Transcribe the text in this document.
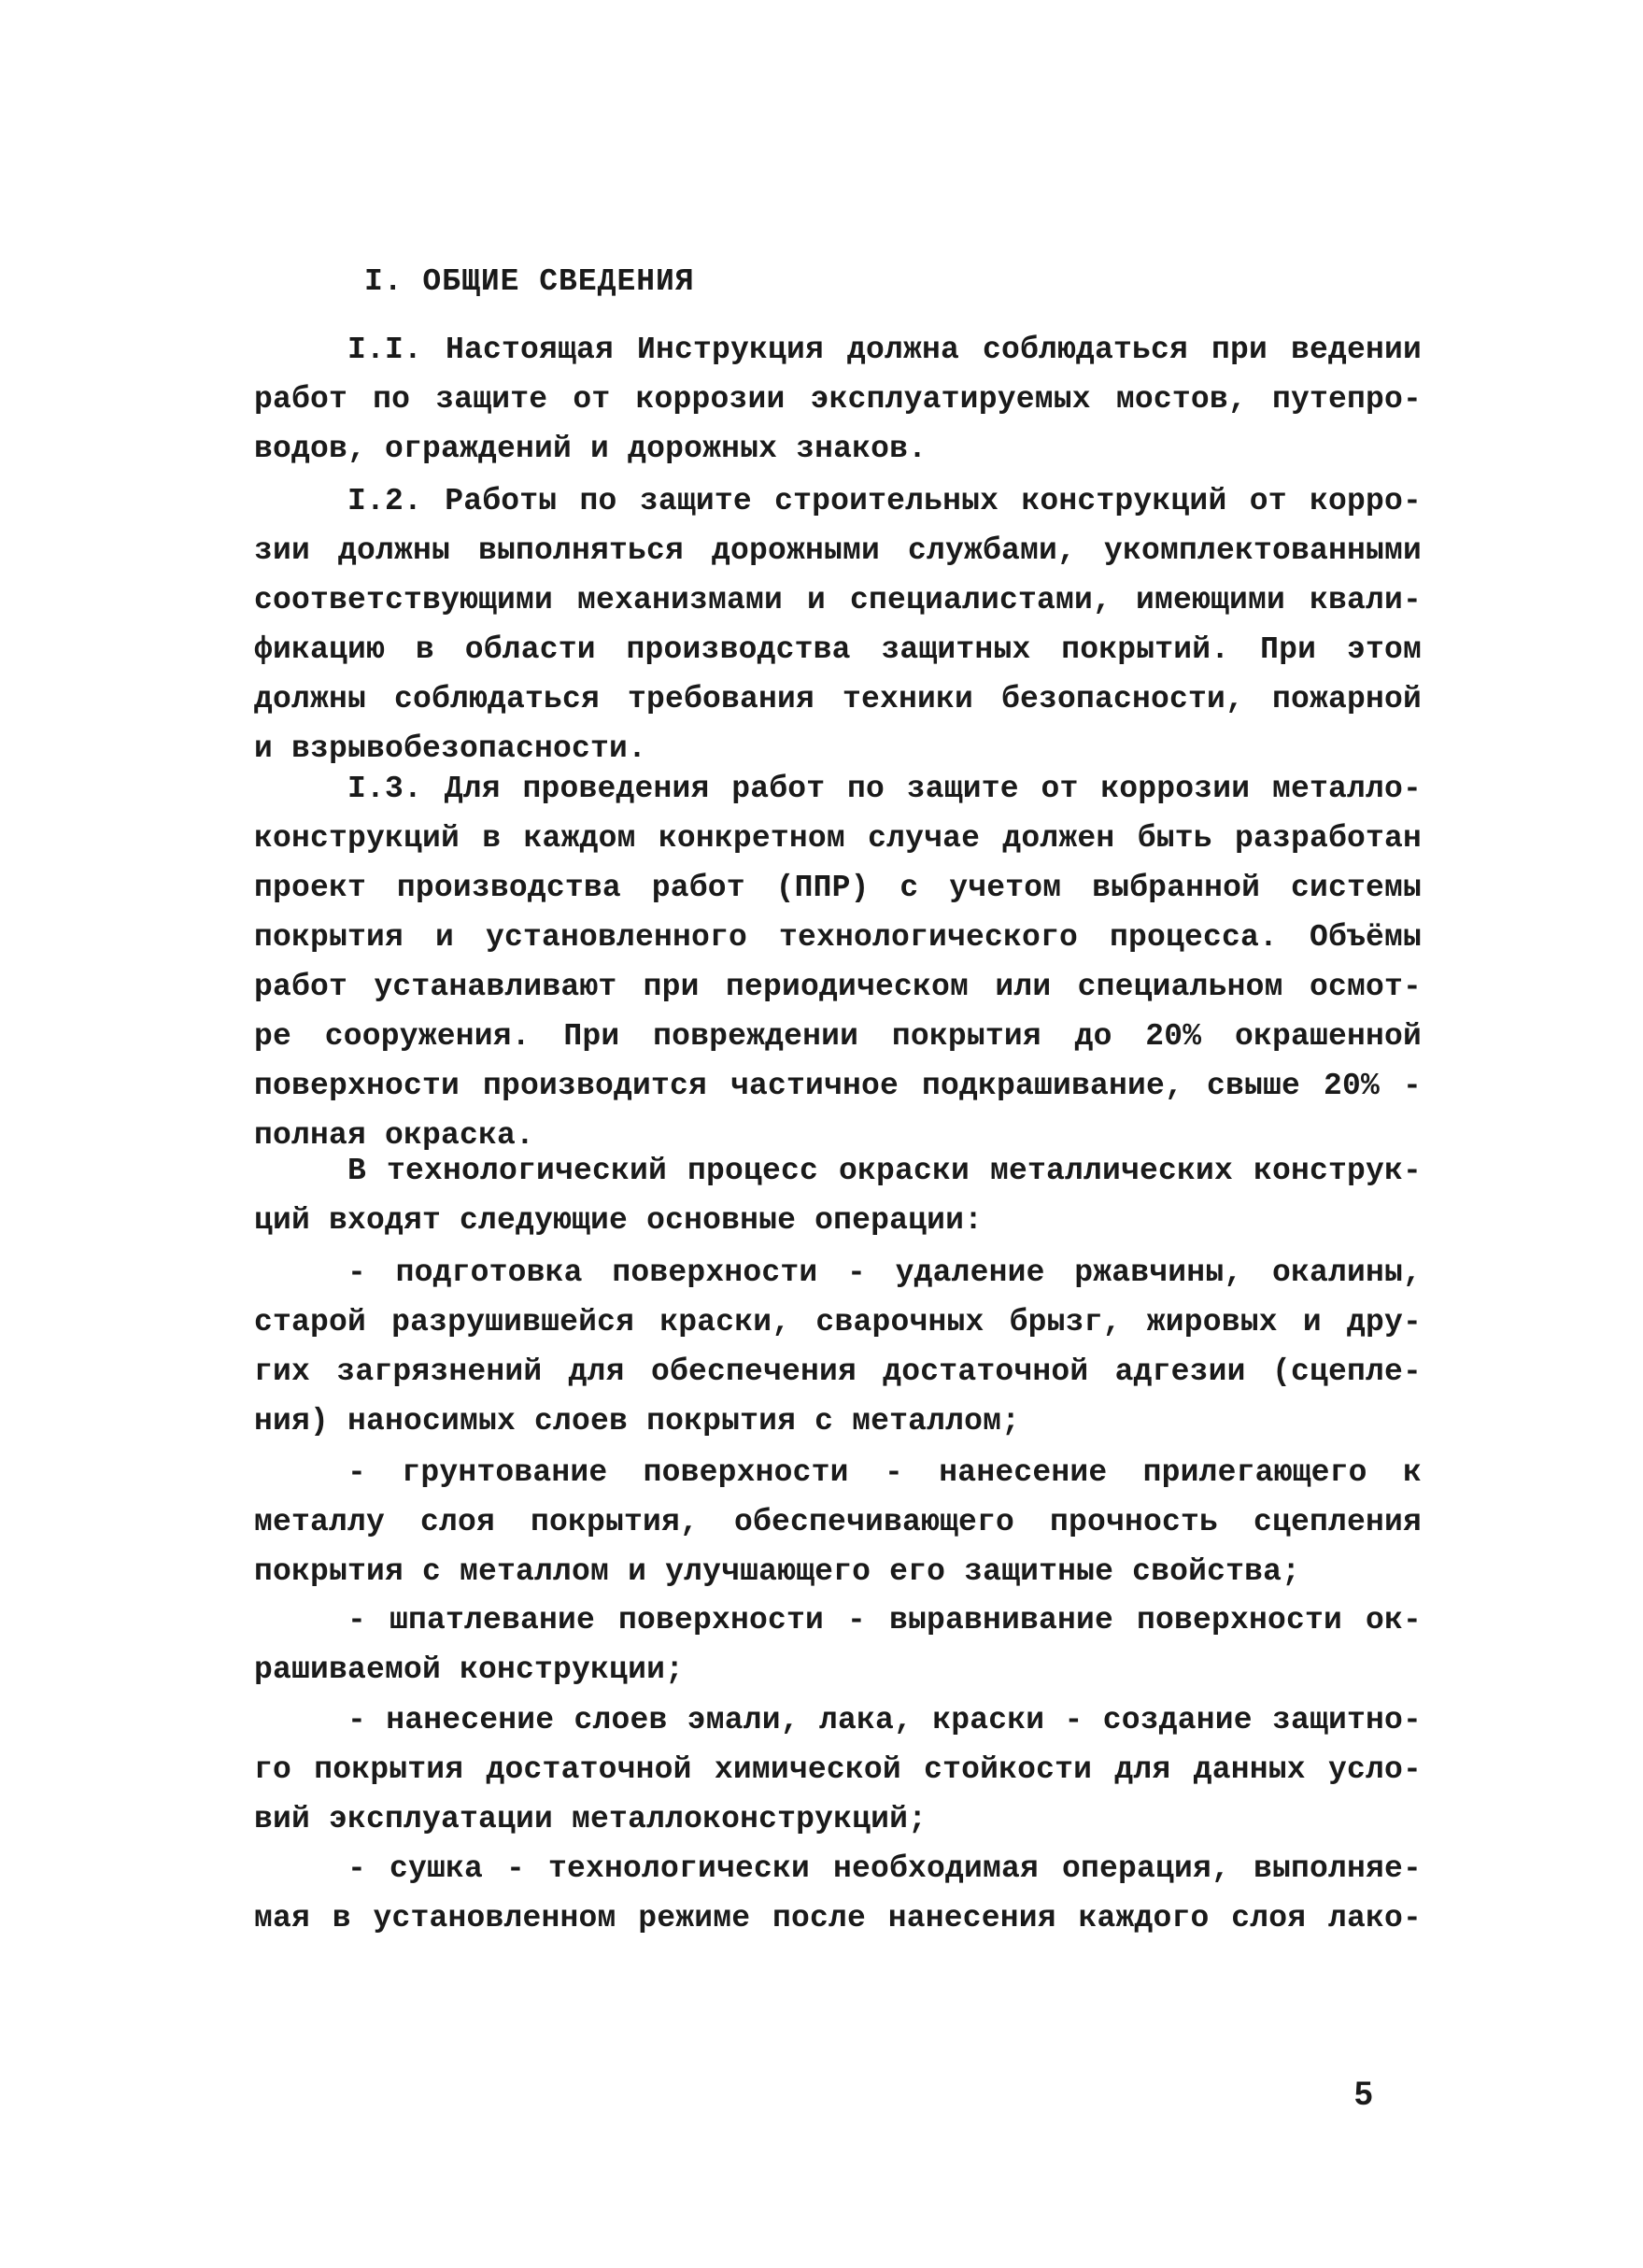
I. ОБЩИЕ СВЕДЕНИЯ
I.I. Настоящая Инструкция должна соблюдаться при ведении
работ по защите от коррозии эксплуатируемых мостов, путепро-
водов, ограждений и дорожных знаков.
I.2. Работы по защите строительных конструкций от корро-
зии должны выполняться дорожными службами, укомплектованными
соответствующими механизмами и специалистами, имеющими квали-
фикацию в области производства защитных покрытий. При этом
должны соблюдаться требования техники безопасности, пожарной
и взрывобезопасности.
I.3. Для проведения работ по защите от коррозии металло-
конструкций в каждом конкретном случае должен быть разработан
проект производства работ (ППР) с учетом выбранной системы
покрытия и установленного технологического процесса. Объёмы
работ устанавливают при периодическом или специальном осмот-
ре сооружения. При повреждении покрытия до 20% окрашенной
поверхности производится частичное подкрашивание, свыше 20% -
полная окраска.
В технологический процесс окраски металлических конструк-
ций входят следующие основные операции:
- подготовка поверхности - удаление ржавчины, окалины,
старой разрушившейся краски, сварочных брызг, жировых и дру-
гих загрязнений для обеспечения достаточной адгезии (сцепле-
ния) наносимых слоев покрытия с металлом;
- грунтование поверхности - нанесение прилегающего к
металлу слоя покрытия, обеспечивающего прочность сцепления
покрытия с металлом и улучшающего его защитные свойства;
- шпатлевание поверхности - выравнивание поверхности ок-
рашиваемой конструкции;
- нанесение слоев эмали, лака, краски - создание защитно-
го покрытия достаточной химической стойкости для данных усло-
вий эксплуатации металлоконструкций;
- сушка - технологически необходимая операция, выполняе-
мая в установленном режиме после нанесения каждого слоя лако-
5
